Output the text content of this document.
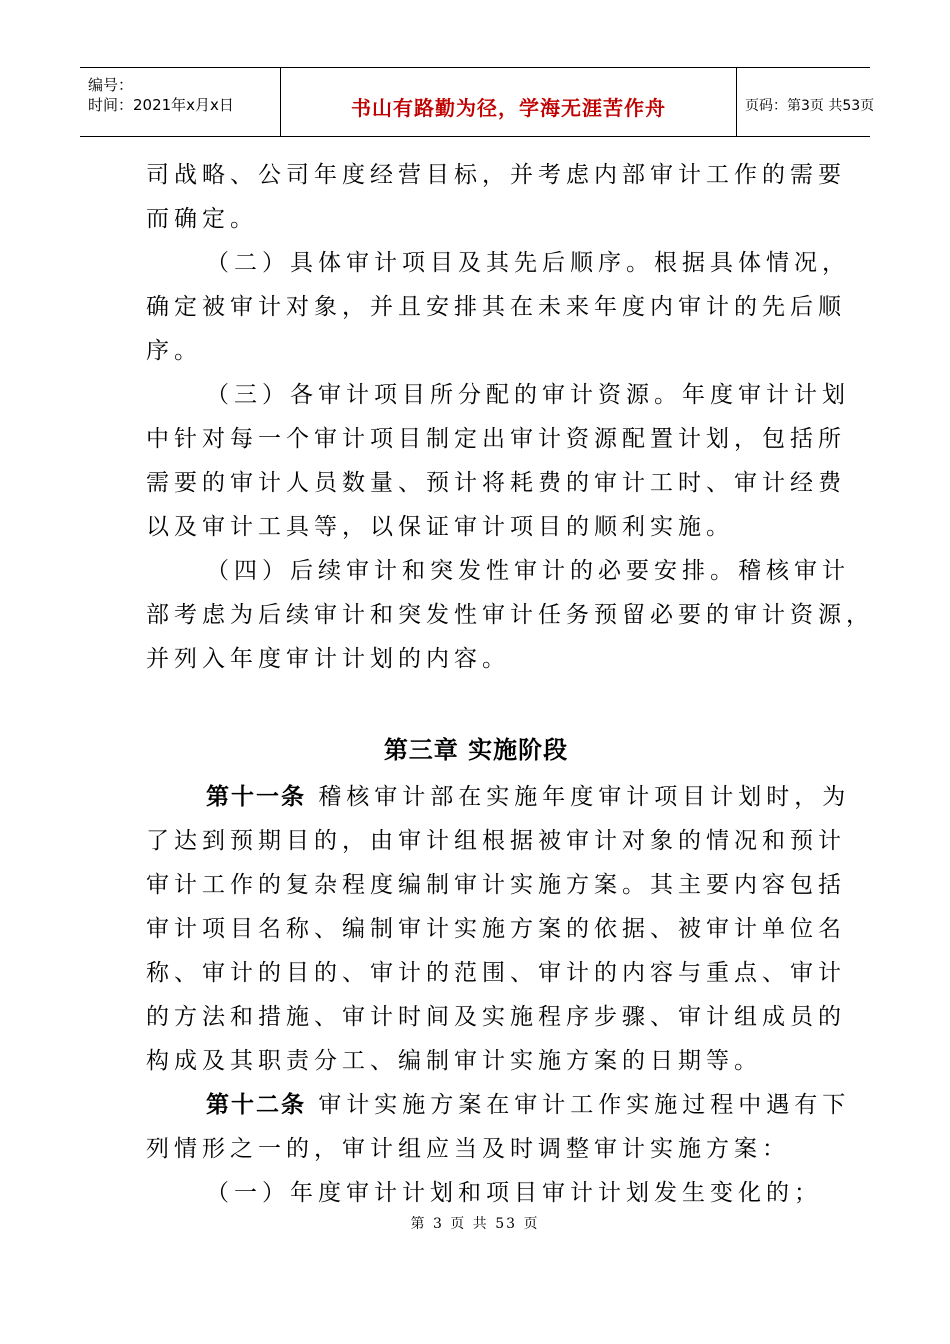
编号：
时间：2021年x月x日	书山有路勤为径，学海无涯苦作舟	页码：第3页 共53页
司战略、公司年度经营目标，并考虑内部审计工作的需要
而确定。
（二）具体审计项目及其先后顺序。根据具体情况，
确定被审计对象，并且安排其在未来年度内审计的先后顺
序。
（三）各审计项目所分配的审计资源。年度审计计划
中针对每一个审计项目制定出审计资源配置计划，包括所
需要的审计人员数量、预计将耗费的审计工时、审计经费
以及审计工具等，以保证审计项目的顺利实施。
（四）后续审计和突发性审计的必要安排。稽核审计
部考虑为后续审计和突发性审计任务预留必要的审计资源，
并列入年度审计计划的内容。
第三章 实施阶段
第十一条 稽核审计部在实施年度审计项目计划时，为
了达到预期目的，由审计组根据被审计对象的情况和预计
审计工作的复杂程度编制审计实施方案。其主要内容包括
审计项目名称、编制审计实施方案的依据、被审计单位名
称、审计的目的、审计的范围、审计的内容与重点、审计
的方法和措施、审计时间及实施程序步骤、审计组成员的
构成及其职责分工、编制审计实施方案的日期等。
第十二条 审计实施方案在审计工作实施过程中遇有下
列情形之一的，审计组应当及时调整审计实施方案：
（一）年度审计计划和项目审计计划发生变化的；
第 3 页 共 53 页
